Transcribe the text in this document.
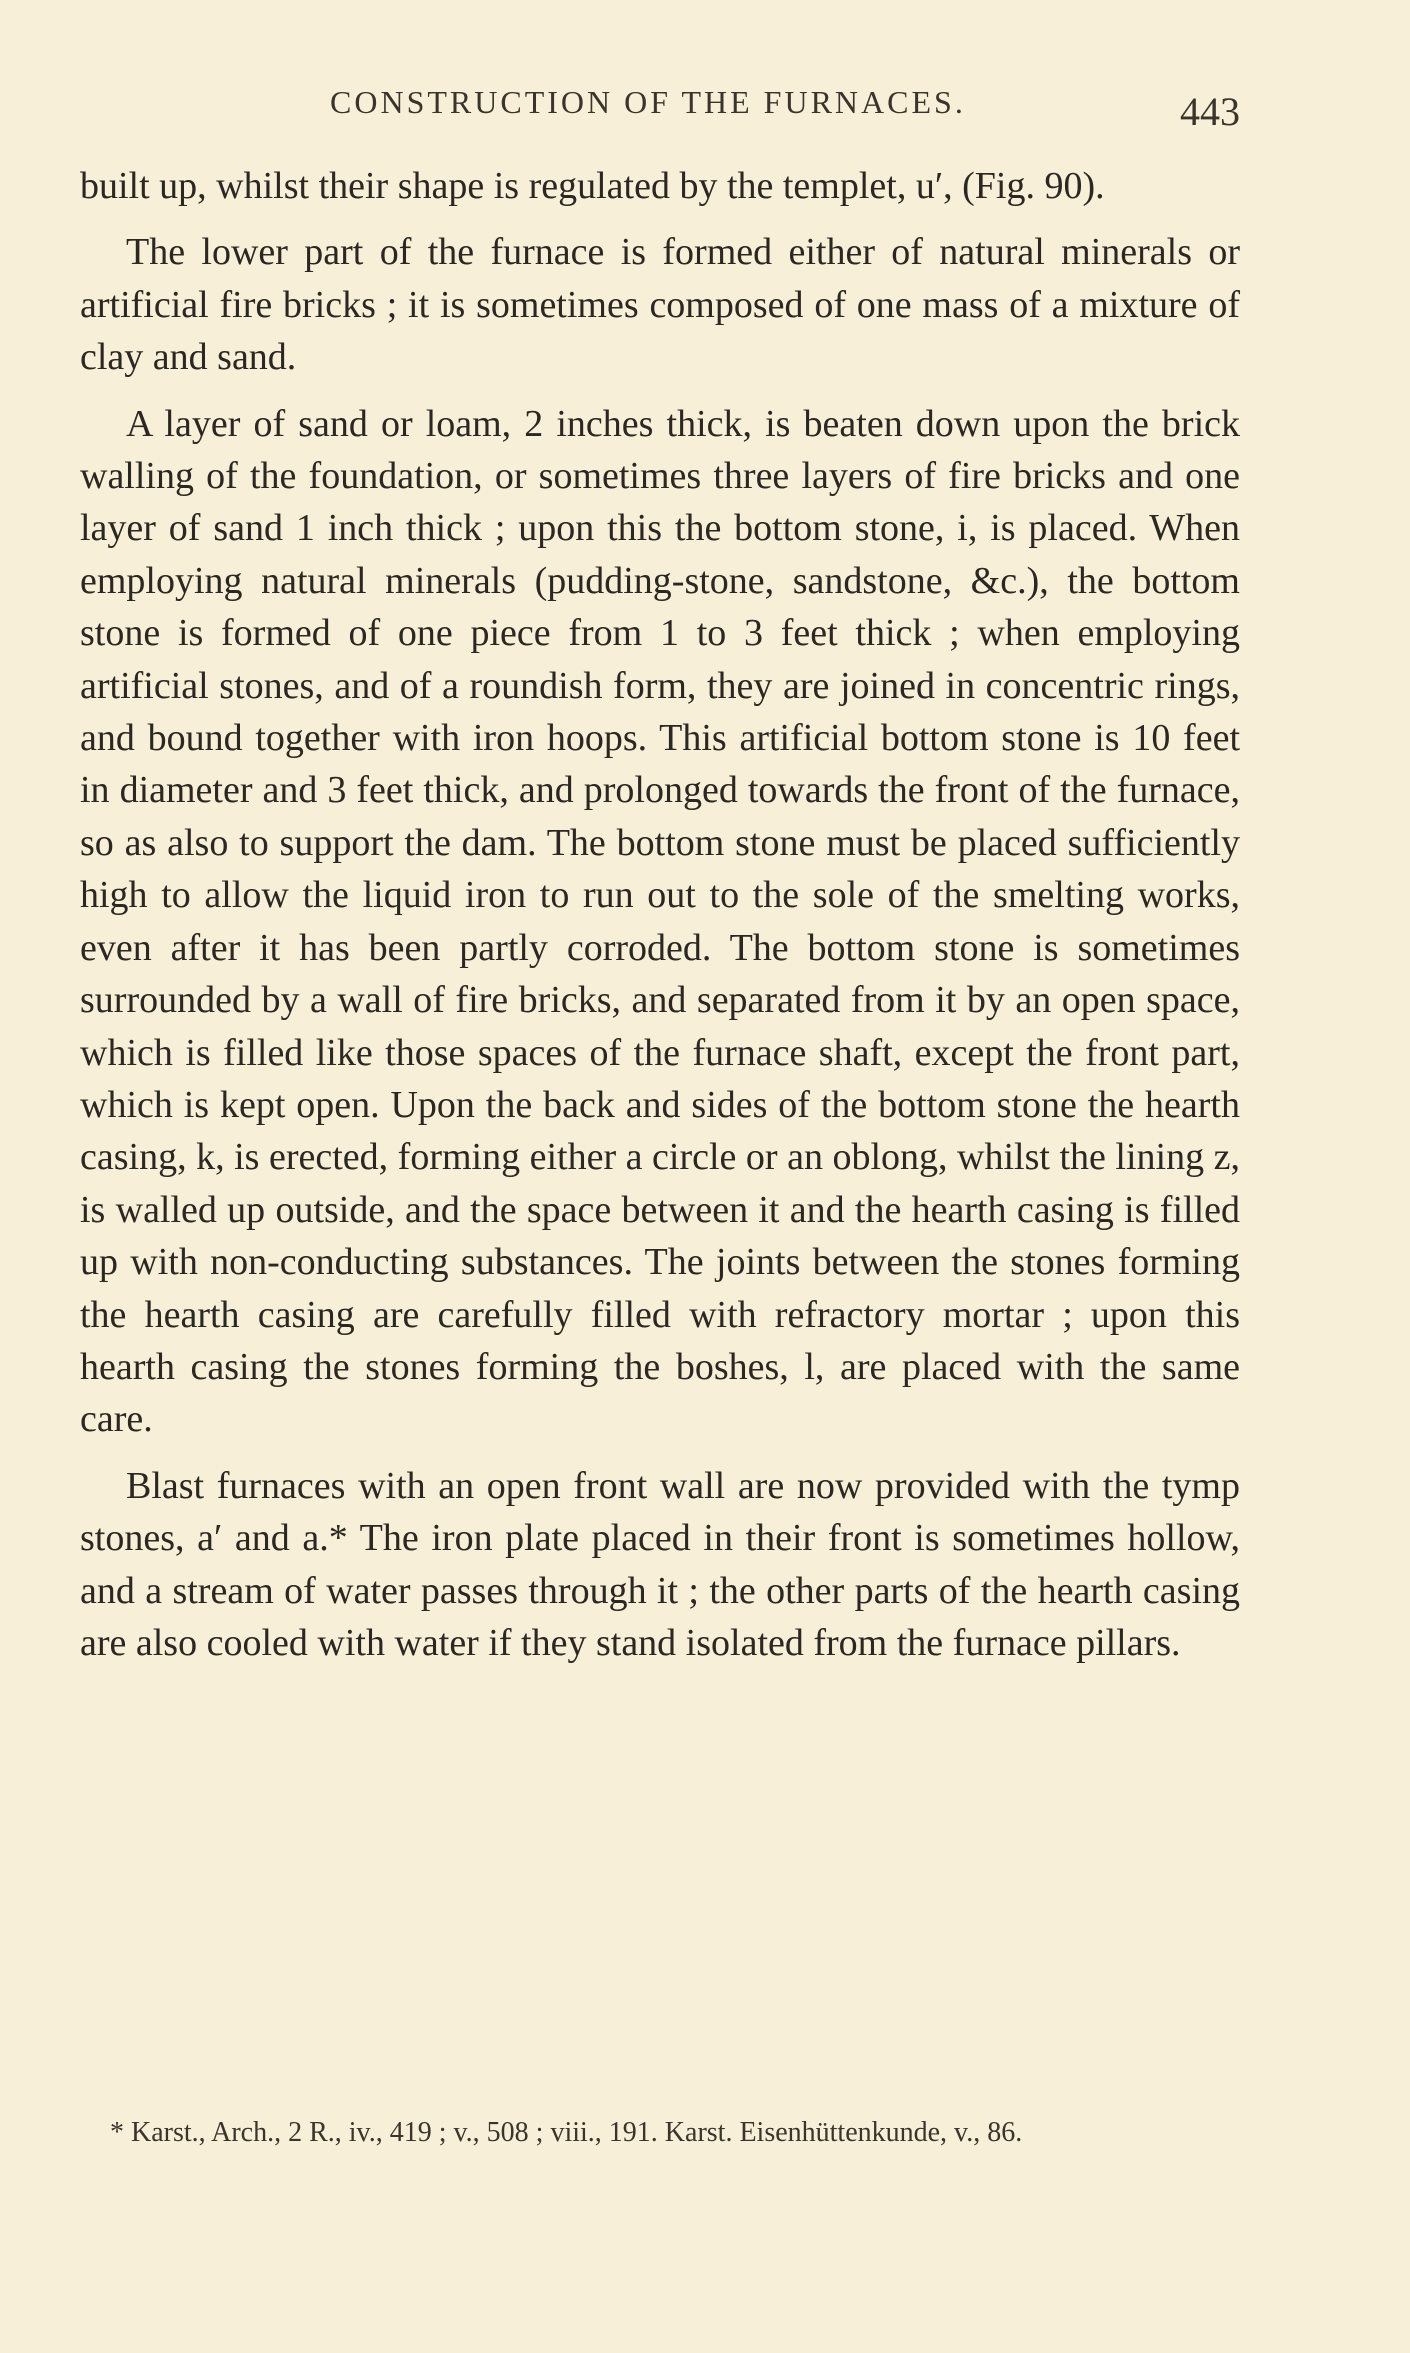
CONSTRUCTION OF THE FURNACES.	443

built up, whilst their shape is regulated by the templet, u′, (Fig. 90).

The lower part of the furnace is formed either of natural minerals or artificial fire bricks ; it is sometimes composed of one mass of a mixture of clay and sand.

A layer of sand or loam, 2 inches thick, is beaten down upon the brick walling of the foundation, or sometimes three layers of fire bricks and one layer of sand 1 inch thick ; upon this the bottom stone, i, is placed. When employing natural minerals (pudding-stone, sandstone, &c.), the bottom stone is formed of one piece from 1 to 3 feet thick ; when employing artificial stones, and of a roundish form, they are joined in concentric rings, and bound together with iron hoops. This artificial bottom stone is 10 feet in diameter and 3 feet thick, and prolonged towards the front of the furnace, so as also to support the dam. The bottom stone must be placed sufficiently high to allow the liquid iron to run out to the sole of the smelting works, even after it has been partly corroded. The bottom stone is sometimes surrounded by a wall of fire bricks, and separated from it by an open space, which is filled like those spaces of the furnace shaft, except the front part, which is kept open. Upon the back and sides of the bottom stone the hearth casing, k, is erected, forming either a circle or an oblong, whilst the lining z, is walled up outside, and the space between it and the hearth casing is filled up with non-conducting substances. The joints between the stones forming the hearth casing are carefully filled with refractory mortar ; upon this hearth casing the stones forming the boshes, l, are placed with the same care.

Blast furnaces with an open front wall are now provided with the tymp stones, a′ and a.* The iron plate placed in their front is sometimes hollow, and a stream of water passes through it ; the other parts of the hearth casing are also cooled with water if they stand isolated from the furnace pillars.

* Karst., Arch., 2 R., iv., 419 ; v., 508 ; viii., 191. Karst. Eisenhüttenkunde, v., 86.
